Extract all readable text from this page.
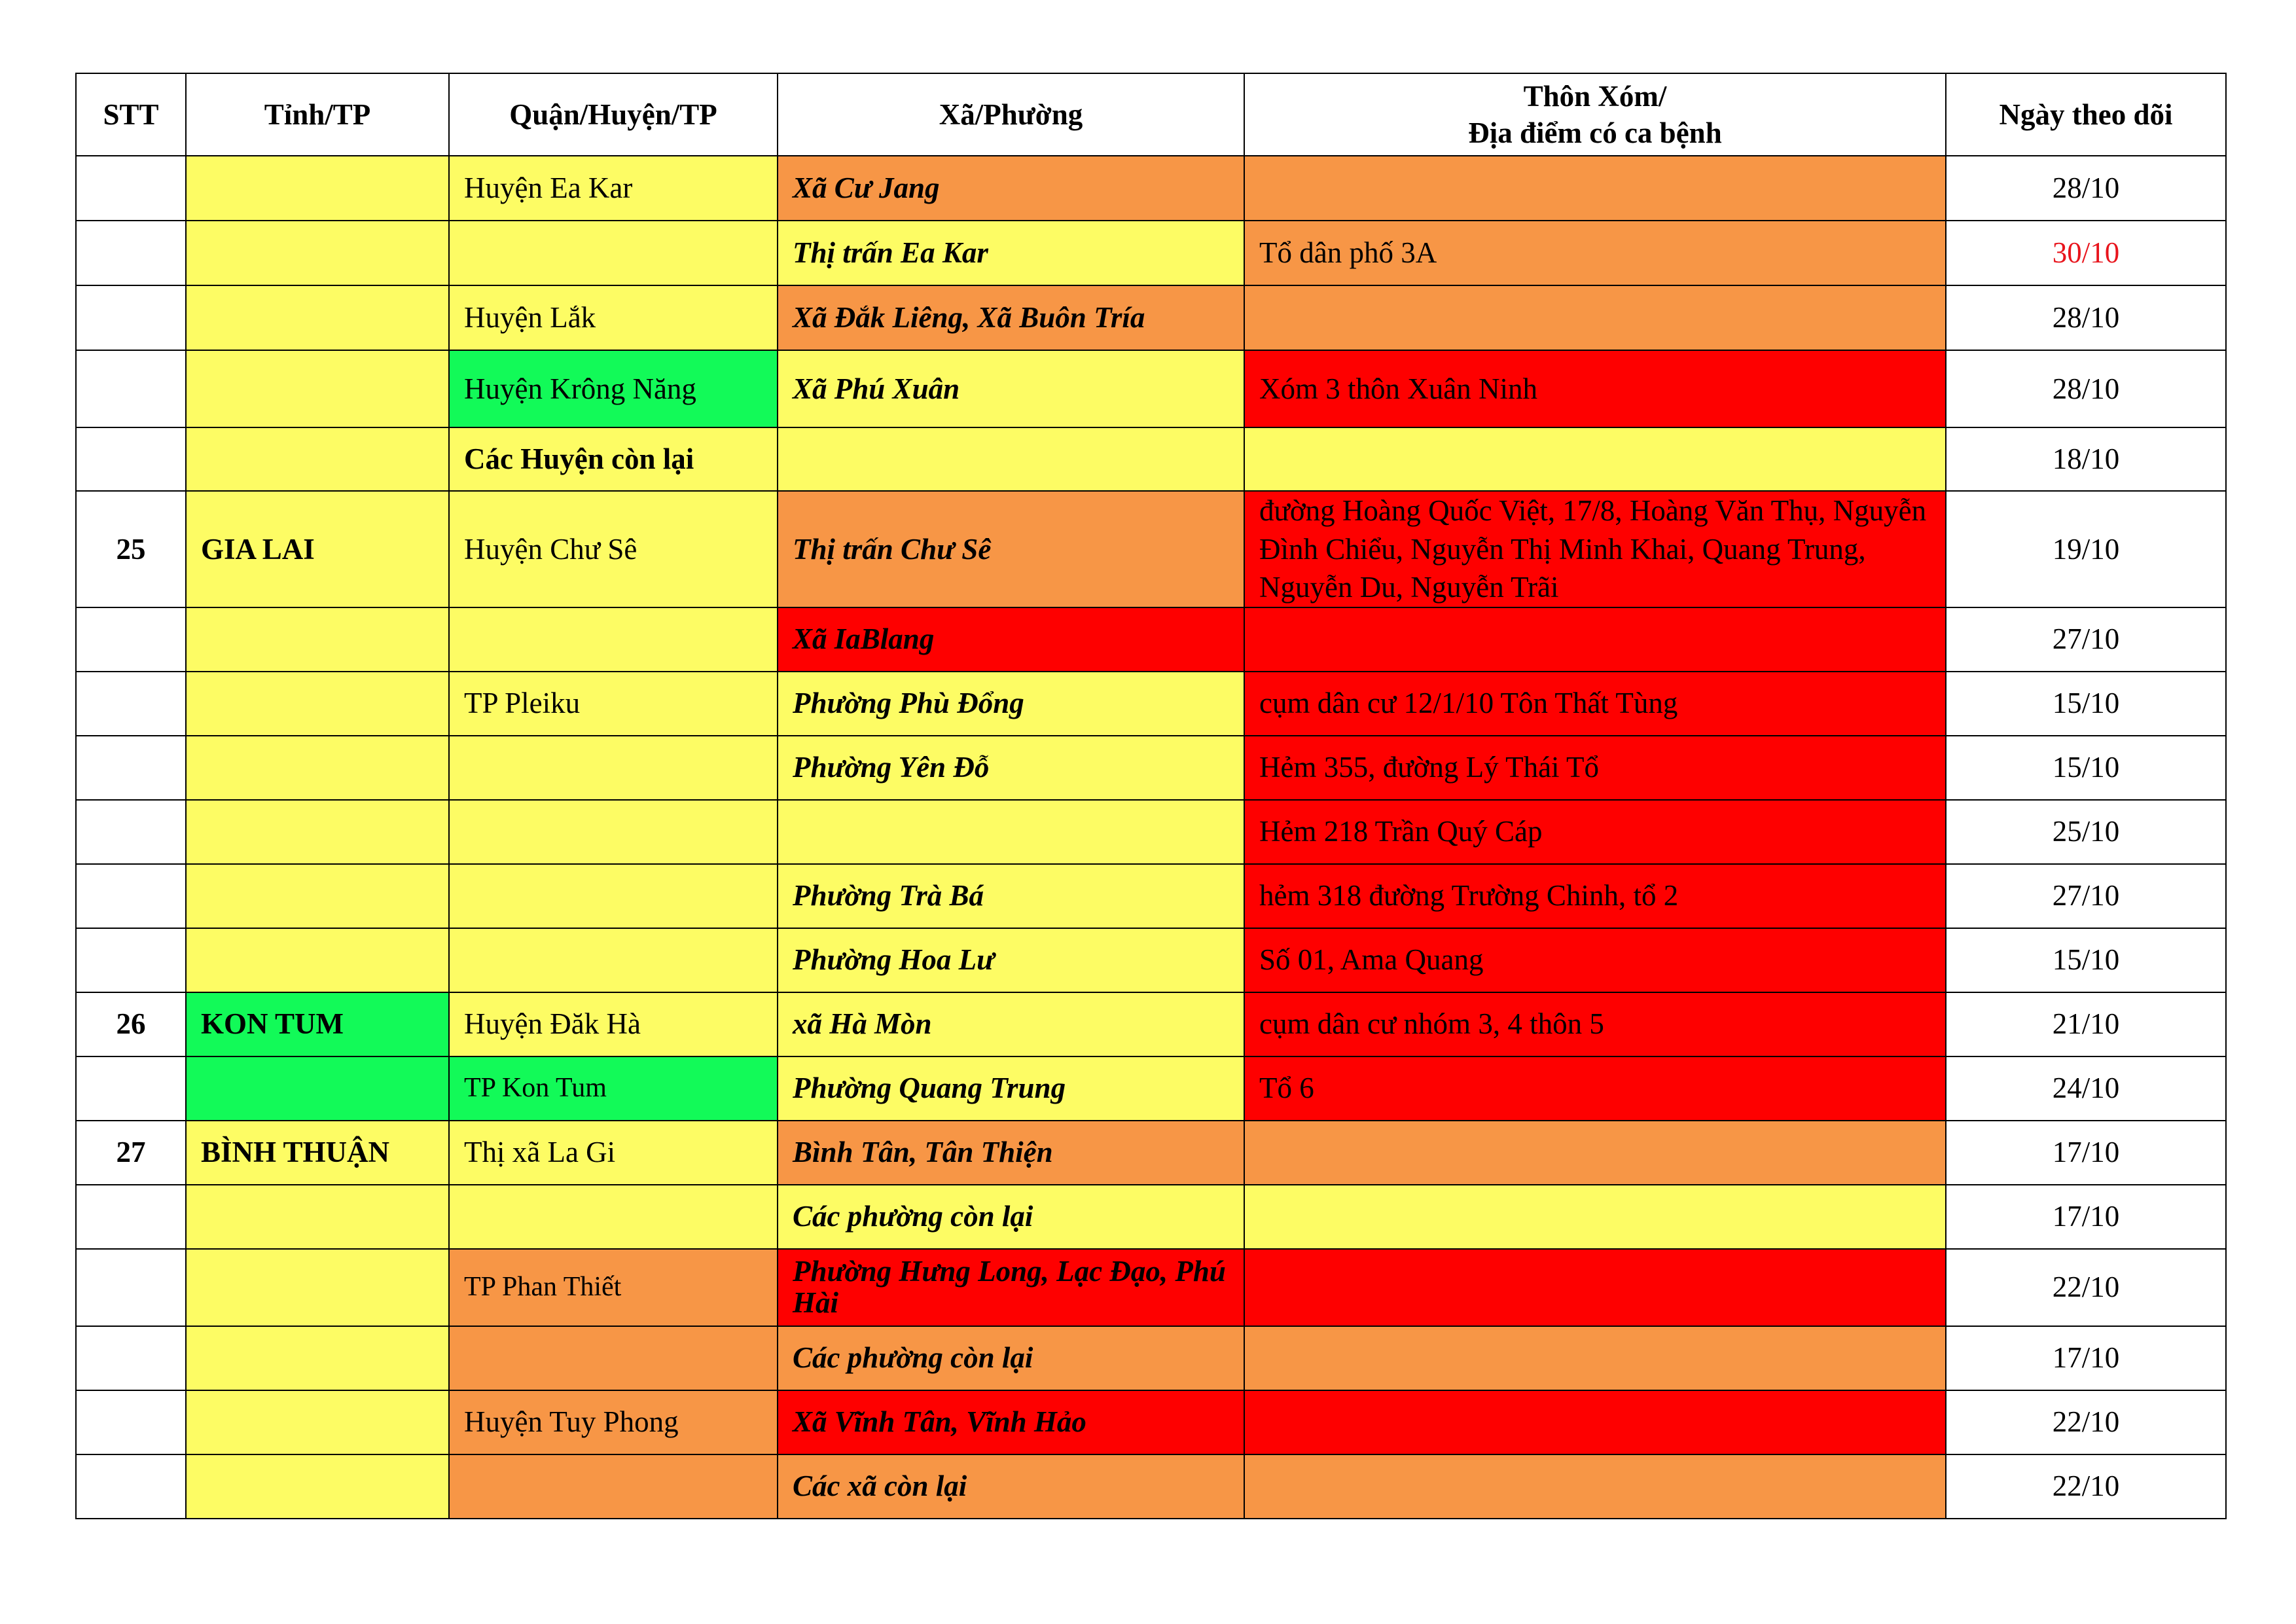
STT	Tỉnh/TP	Quận/Huyện/TP	Xã/Phường	Thôn Xóm/
Địa điểm có ca bệnh	Ngày theo dõi
		Huyện Ea Kar	Xã Cư Jang		28/10
			Thị trấn Ea Kar	Tổ dân phố 3A	30/10
		Huyện Lắk	Xã Đắk Liêng, Xã Buôn Tría		28/10
		Huyện Krông Năng	Xã Phú Xuân	Xóm 3 thôn Xuân Ninh	28/10
		Các Huyện còn lại			18/10
25	GIA LAI	Huyện Chư Sê	Thị trấn Chư Sê	đường Hoàng Quốc Việt, 17/8, Hoàng Văn Thụ, Nguyễn Đình Chiểu, Nguyễn Thị Minh Khai, Quang Trung, Nguyễn Du, Nguyễn Trãi	19/10
			Xã IaBlang		27/10
		TP Pleiku	Phường Phù Đổng	cụm dân cư 12/1/10 Tôn Thất Tùng	15/10
			Phường Yên Đỗ	Hẻm 355, đường Lý Thái Tổ	15/10
				Hẻm 218 Trần Quý Cáp	25/10
			Phường Trà Bá	hẻm 318 đường Trường Chinh, tổ 2	27/10
			Phường Hoa Lư	Số 01, Ama Quang	15/10
26	KON TUM	Huyện Đăk Hà	xã Hà Mòn	cụm dân cư nhóm 3, 4 thôn 5	21/10
		TP Kon Tum	Phường Quang Trung	Tổ 6	24/10
27	BÌNH THUẬN	Thị xã La Gi	Bình Tân, Tân Thiện		17/10
			Các phường còn lại		17/10
		TP Phan Thiết	Phường Hưng Long, Lạc Đạo, Phú Hài		22/10
			Các phường còn lại		17/10
		Huyện Tuy Phong	Xã Vĩnh Tân, Vĩnh Hảo		22/10
			Các xã còn lại		22/10
